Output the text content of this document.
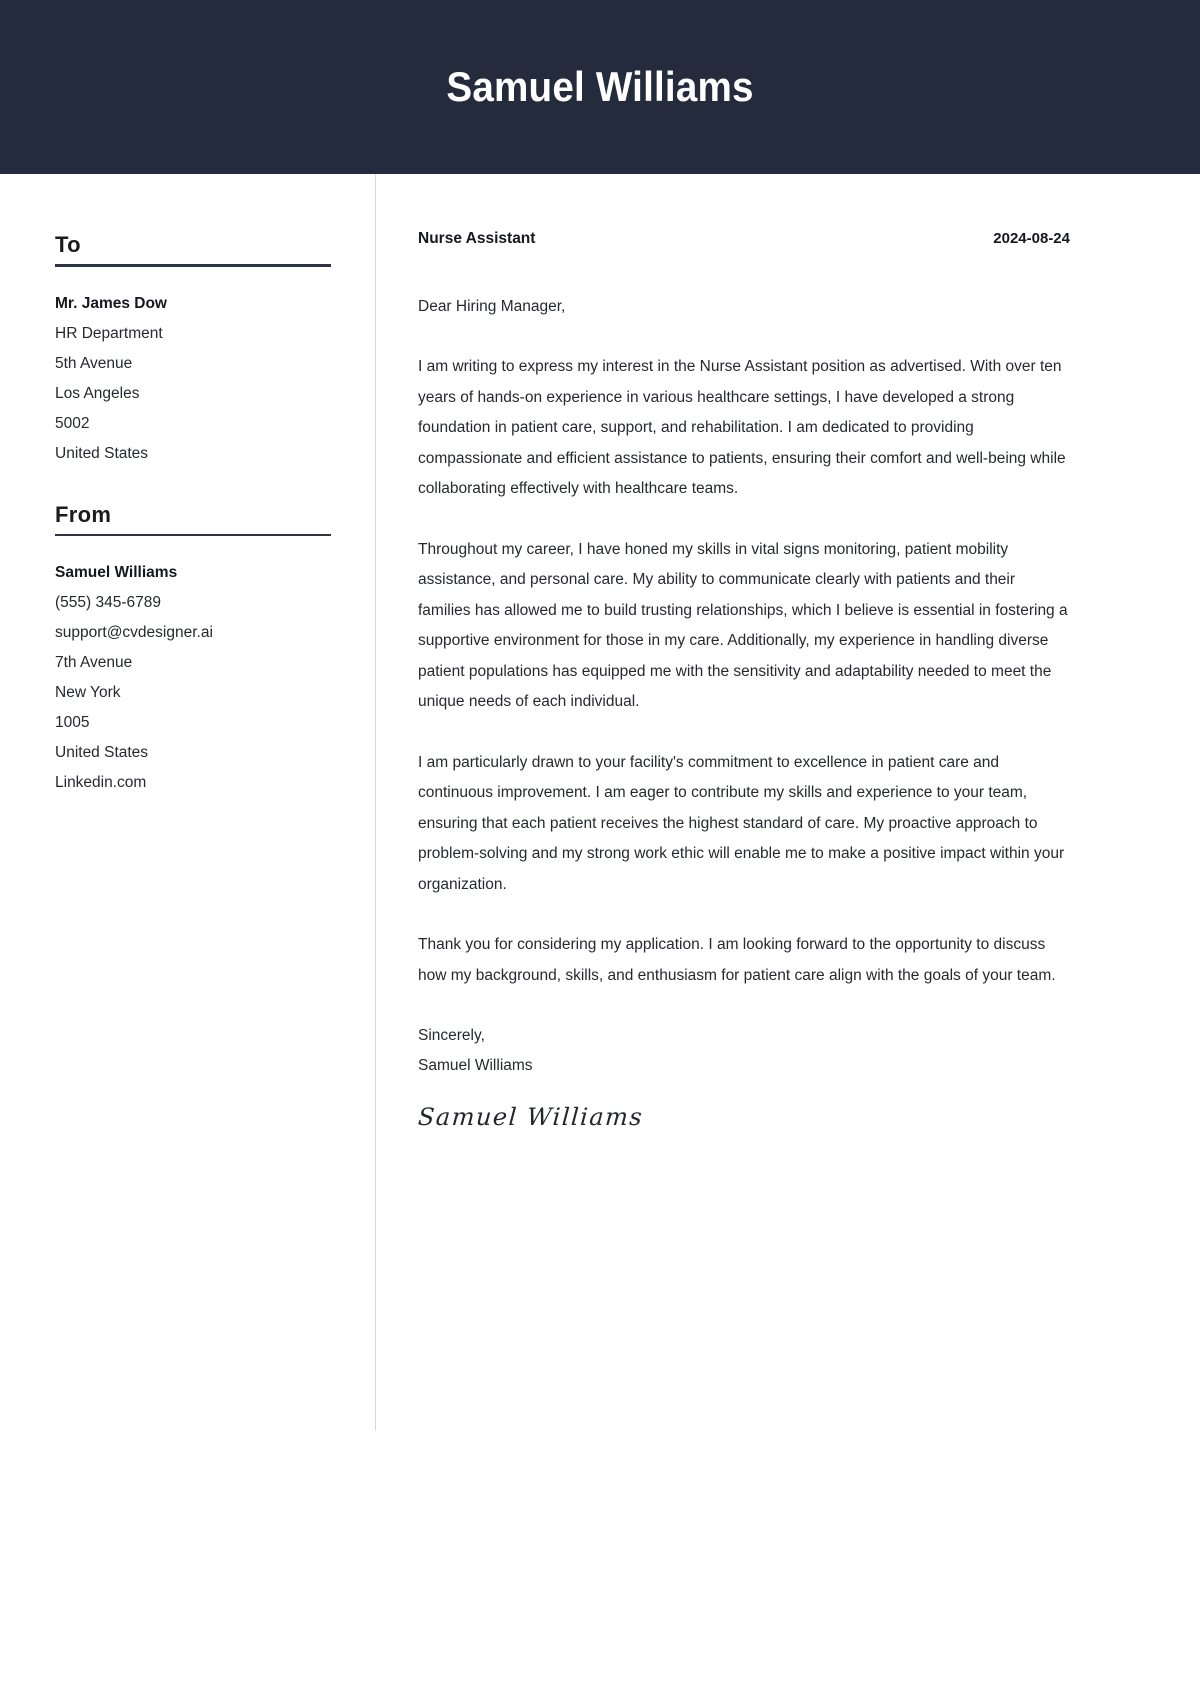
Samuel Williams
To
Mr. James Dow
HR Department
5th Avenue
Los Angeles
5002
United States
From
Samuel Williams
(555) 345-6789
support@cvdesigner.ai
7th Avenue
New York
1005
United States
Linkedin.com
Nurse Assistant	2024-08-24
Dear Hiring Manager,

I am writing to express my interest in the Nurse Assistant position as advertised. With over ten years of hands-on experience in various healthcare settings, I have developed a strong foundation in patient care, support, and rehabilitation. I am dedicated to providing compassionate and efficient assistance to patients, ensuring their comfort and well-being while collaborating effectively with healthcare teams.

Throughout my career, I have honed my skills in vital signs monitoring, patient mobility assistance, and personal care. My ability to communicate clearly with patients and their families has allowed me to build trusting relationships, which I believe is essential in fostering a supportive environment for those in my care. Additionally, my experience in handling diverse patient populations has equipped me with the sensitivity and adaptability needed to meet the unique needs of each individual.

I am particularly drawn to your facility's commitment to excellence in patient care and continuous improvement. I am eager to contribute my skills and experience to your team, ensuring that each patient receives the highest standard of care. My proactive approach to problem-solving and my strong work ethic will enable me to make a positive impact within your organization.

Thank you for considering my application. I am looking forward to the opportunity to discuss how my background, skills, and enthusiasm for patient care align with the goals of your team.

Sincerely,
Samuel Williams
Samuel Williams
